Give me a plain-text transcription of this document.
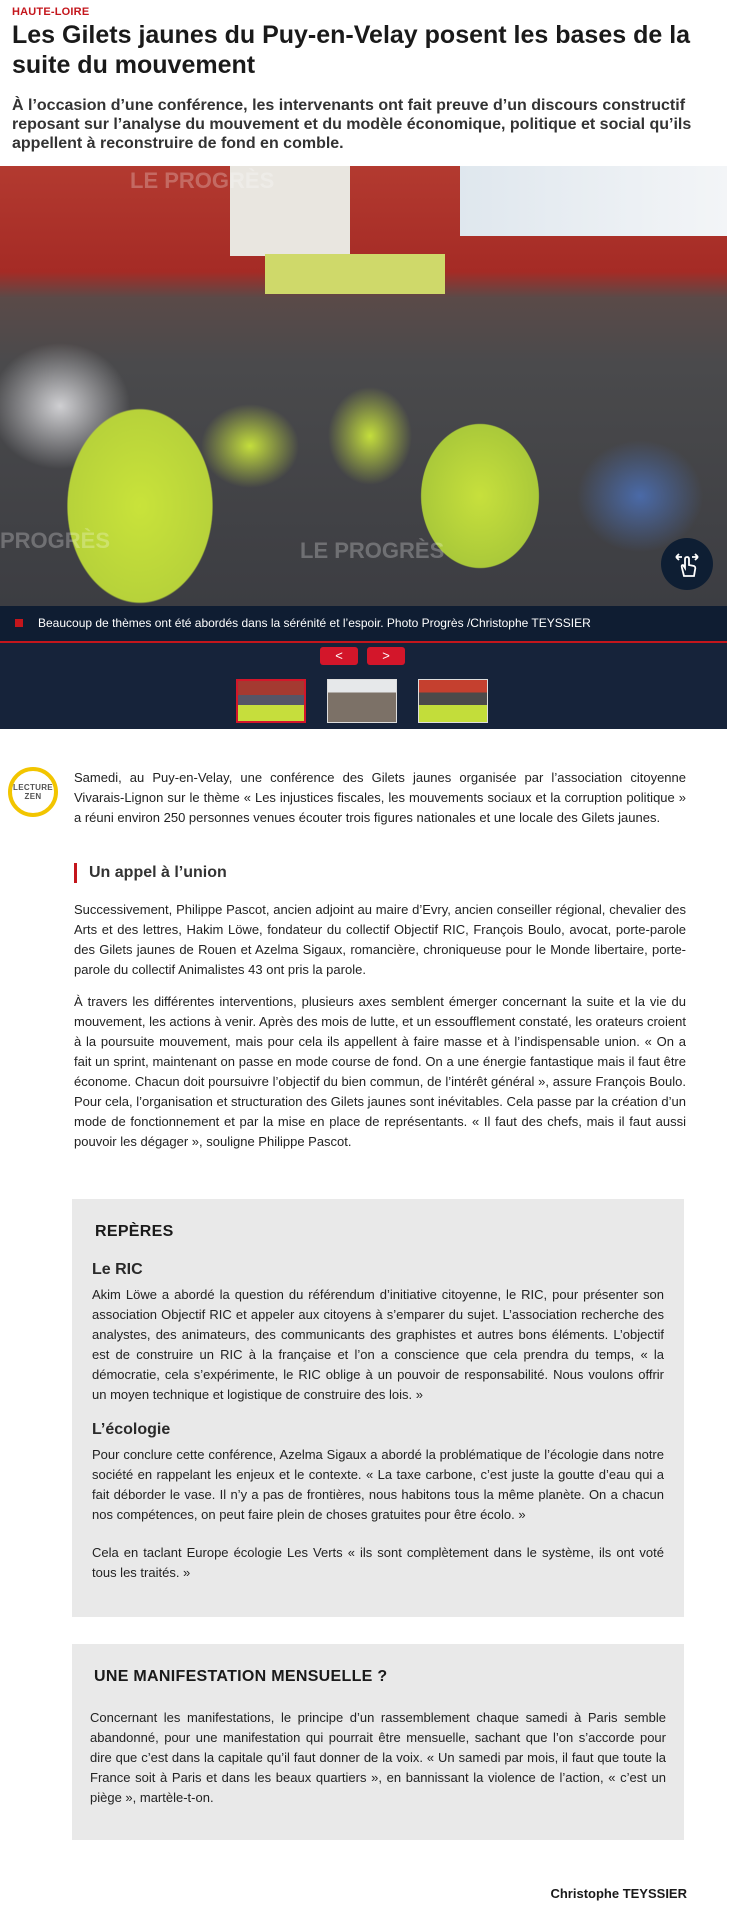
HAUTE-LOIRE
Les Gilets jaunes du Puy-en-Velay posent les bases de la suite du mouvement

À l’occasion d’une conférence, les intervenants ont fait preuve d’un discours constructif reposant sur l’analyse du mouvement et du modèle économique, politique et social qu’ils appellent à reconstruire de fond en comble.

LE PROGRÈS
PROGRÈS	LE PROGRÈS
Beaucoup de thèmes ont été abordés dans la sérénité et l’espoir. Photo Progrès /Christophe TEYSSIER
<	>
LECTURE
ZEN

Samedi, au Puy-en-Velay, une conférence des Gilets jaunes organisée par l’association citoyenne Vivarais-Lignon sur le thème « Les injustices fiscales, les mouvements sociaux et la corruption politique » a réuni environ 250 personnes venues écouter trois figures nationales et une locale des Gilets jaunes.

Un appel à l’union

Successivement, Philippe Pascot, ancien adjoint au maire d’Evry, ancien conseiller régional, chevalier des Arts et des lettres, Hakim Löwe, fondateur du collectif Objectif RIC, François Boulo, avocat, porte-parole des Gilets jaunes de Rouen et Azelma Sigaux, romancière, chroniqueuse pour le Monde libertaire, porte-parole du collectif Animalistes 43 ont pris la parole.

À travers les différentes interventions, plusieurs axes semblent émerger concernant la suite et la vie du mouvement, les actions à venir. Après des mois de lutte, et un essoufflement constaté, les orateurs croient à la poursuite mouvement, mais pour cela ils appellent à faire masse et à l’indispensable union. « On a fait un sprint, maintenant on passe en mode course de fond. On a une énergie fantastique mais il faut être économe. Chacun doit poursuivre l’objectif du bien commun, de l’intérêt général », assure François Boulo. Pour cela, l’organisation et structuration des Gilets jaunes sont inévitables. Cela passe par la création d’un mode de fonctionnement et par la mise en place de représentants. « Il faut des chefs, mais il faut aussi pouvoir les dégager », souligne Philippe Pascot.

REPÈRES
Le RIC

Akim Löwe a abordé la question du référendum d’initiative citoyenne, le RIC, pour présenter son association Objectif RIC et appeler aux citoyens à s’emparer du sujet. L’association recherche des analystes, des animateurs, des communicants des graphistes et autres bons éléments. L’objectif est de construire un RIC à la française et l’on a conscience que cela prendra du temps, « la démocratie, cela s’expérimente, le RIC oblige à un pouvoir de responsabilité. Nous voulons offrir un moyen technique et logistique de construire des lois. »

L’écologie

Pour conclure cette conférence, Azelma Sigaux a abordé la problématique de l’écologie dans notre société en rappelant les enjeux et le contexte. « La taxe carbone, c’est juste la goutte d’eau qui a fait déborder le vase. Il n’y a pas de frontières, nous habitons tous la même planète. On a chacun nos compétences, on peut faire plein de choses gratuites pour être écolo. »

Cela en taclant Europe écologie Les Verts « ils sont complètement dans le système, ils ont voté tous les traités. »

UNE MANIFESTATION MENSUELLE ?

Concernant les manifestations, le principe d’un rassemblement chaque samedi à Paris semble abandonné, pour une manifestation qui pourrait être mensuelle, sachant que l’on s’accorde pour dire que c’est dans la capitale qu’il faut donner de la voix. « Un samedi par mois, il faut que toute la France soit à Paris et dans les beaux quartiers », en bannissant la violence de l’action, « c’est un piège », martèle-t-on.

Christophe TEYSSIER
